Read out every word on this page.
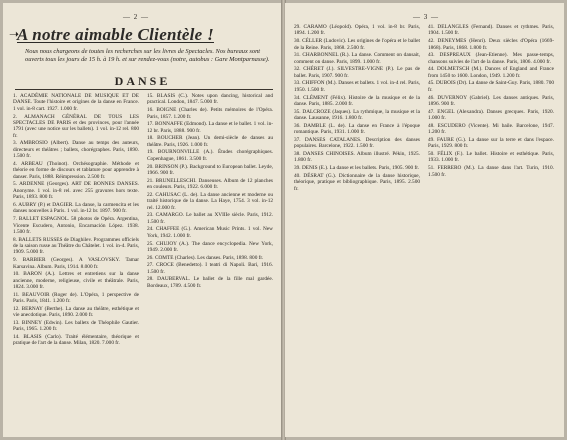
— 2 —
➝
A notre aimable Clientèle !
Nous nous chargeons de toutes les recherches sur les livres de Spectacles. Nos bureaux sont ouverts tous les jours de 15 h. à 19 h. et sur rendez-vous (notre, autobus : Gare Montparnasse).
DANSE

1. ACADÉMIE NATIONALE DE MUSIQUE ET DE DANSE. Toute l'histoire et origines de la danse en France. 1 vol. in-8 cart. 1927. 1.000 fr.

2. ALMANACH GÉNÉRAL DE TOUS LES SPECTACLES DE PARIS et des provinces, pour l'année 1791 (avec une notice sur les ballets). 1 vol. in-12 rel. 800 fr.

3. AMBROSIO (Albert). Danse au temps des auteurs, directeurs et théâtres ; ballets, chorégraphes. Paris, 1890. 1.500 fr.

4. ARBEAU (Thoinot). Orchésographie. Méthode et théorie en forme de discours et tablature pour apprendre à danser. Paris, 1888. Réimpression. 2.500 fr.

5. ARDENNE (Georges). ART DE BONNES DANSES. Anonyme. 1 vol. in-8 rel. avec 255 gravures hors texte. Paris, 1893. 800 fr.

6. AUBRY (P.) et DAGIER. La danse, la carmencita et les danses nouvelles à Paris. 1 vol. in-12 br. 1897. 900 fr.

7. BALLET ESPAGNOL. 58 photos de Opéra. Argentina, Vicente Escudero, Antonio, Encarnación López. 1938. 1.500 fr.

8. BALLETS RUSSES de Diaghilev. Programmes officiels de la saison russe au Théâtre du Châtelet. 1 vol. in-4. Paris, 1909. 5.000 fr.

9. BARBIER (Georges). A VASLOVSKY. Tamar Karsavina. Album. Paris, 1914. 8.000 fr.

10. BARON (A.). Lettres et entretiens sur la danse ancienne, moderne, religieuse, civile et théâtrale. Paris, 1824. 3.000 fr.

11. BEAUVOIR (Roger de). L'Opéra, 1 perspective de Paris. Paris, 1841. 1.200 fr.

12. BERNAY (Berthe). La danse au théâtre, esthétique et vie anecdotique. Paris, 1890. 2.000 fr.

13. BINNEY (Edwin). Les ballets de Théophile Gautier. Paris, 1965. 1.200 fr.

14. BLASIS (Carlo). Traité élémentaire, théorique et pratique de l'art de la danse. Milan, 1820. 7.000 fr.

15. BLASIS (C.). Notes upon dancing, historical and practical. London, 1847. 5.000 fr.

16. BOIGNE (Charles de). Petits mémoires de l'Opéra. Paris, 1857. 1.200 fr.

17. BONNAFFE (Edmond). La danse et le ballet. 1 vol. in-12 br. Paris, 1888. 900 fr.

18. BOUCHER (Jean). Un demi-siècle de danses au théâtre. Paris, 1926. 1.000 fr.

19. BOURNONVILLE (A.). Études chorégraphiques. Copenhague, 1861. 3.500 fr.

20. BRINSON (P.). Background to European ballet. Leyde, 1966. 900 fr.

21. BRUNELLESCHI. Danseuses. Album de 12 planches en couleurs. Paris, 1922. 6.000 fr.

22. CAHUSAC (L. de). La danse ancienne et moderne ou traité historique de la danse. La Haye, 1754. 3 vol. in-12 rel. 12.000 fr.

23. CAMARGO. Le ballet au XVIIIe siècle. Paris, 1912. 1.500 fr.

24. CHAFFEE (G.). American Music Prints. 1 vol. New York, 1942. 1.000 fr.

25. CHUJOY (A.). The dance encyclopedia. New York, 1949. 2.000 fr.

26. COMTE (Charles). Les danses. Paris, 1898. 800 fr.

27. CROCE (Benedetto). I teatri di Napoli. Bari, 1916. 1.500 fr.

28. DAUBERVAL. Le ballet de la fille mal gardée. Bordeaux, 1789. 4.500 fr.

— 3 —

29. CARAMO (Léopold). Opéra, 1 vol. in-8 br. Paris, 1894. 1.200 fr.

30. CÉLLER (Ludovic). Les origines de l'opéra et le ballet de la Reine. Paris, 1868. 2.500 fr.

31. CHARBONNEL (R.). La danse. Comment on dansait, comment on danse. Paris, 1899. 1.000 fr.

32. CHÉRET (J.). SILVESTRE-VIGNE (P.). Le pas de ballet. Paris, 1907. 900 fr.

33. CHIFFON (M.). Danses et ballets. 1 vol. in-4 rel. Paris, 1950. 1.500 fr.

34. CLÉMENT (Félix). Histoire de la musique et de la danse. Paris, 1885. 2.000 fr.

35. DALCROZE (Jaques). La rythmique, la musique et la danse. Lausanne, 1916. 1.800 fr.

36. DAMBLE (L. de). La danse en France à l'époque romantique. Paris, 1931. 1.000 fr.

37. DANSES CATALANES. Description des danses populaires. Barcelone, 1922. 1.500 fr.

38. DANSES CHINOISES. Album illustré. Pékin, 1925. 1.800 fr.

39. DENIS (E.). La danse et les ballets. Paris, 1905. 900 fr.

40. DÉSRAT (G.). Dictionnaire de la danse historique, théorique, pratique et bibliographique. Paris, 1895. 2.500 fr.

41. DELANGLES (Fernand). Danses et rythmes. Paris, 1904. 1.500 fr.

42. DENEYMES (Henri). Deux siècles d'Opéra (1669-1868). Paris, 1868. 1.800 fr.

43. DESPREAUX (Jean-Etienne). Mes passe-temps, chansons suivies de l'art de la danse. Paris, 1806. 4.000 fr.

44. DOLMETSCH (M.). Dances of England and France from 1450 to 1600. London, 1949. 1.200 fr.

45. DUBOIS (Dr). La danse de Saint-Guy. Paris, 1880. 700 fr.

46. DUVERNOY (Gabriel). Les danses antiques. Paris, 1896. 900 fr.

47. ENGEL (Alexandra). Danses grecques. Paris, 1920. 1.000 fr.

48. ESCUDERO (Vicente). Mi baile. Barcelone, 1947. 1.200 fr.

49. FAURE (G.). La danse sur la terre et dans l'espace. Paris, 1929. 800 fr.

50. FÉLIX (F.). Le ballet. Histoire et esthétique. Paris, 1933. 1.000 fr.

51. FERRERO (M.). La danse dans l'art. Turin, 1910. 1.500 fr.
